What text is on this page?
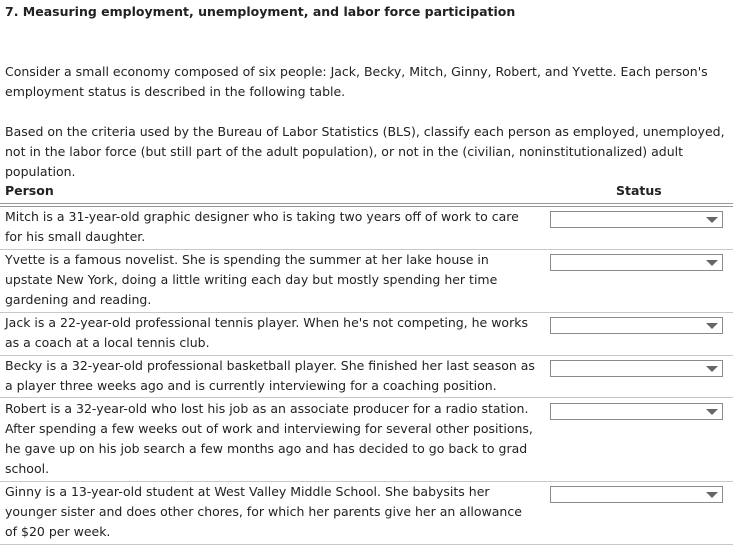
7. Measuring employment, unemployment, and labor force participation
Consider a small economy composed of six people: Jack, Becky, Mitch, Ginny, Robert, and Yvette. Each person's employment status is described in the following table.
Based on the criteria used by the Bureau of Labor Statistics (BLS), classify each person as employed, unemployed, not in the labor force (but still part of the adult population), or not in the (civilian, noninstitutionalized) adult population.
Person	Status
Mitch is a 31-year-old graphic designer who is taking two years off of work to care for his small daughter.
Yvette is a famous novelist. She is spending the summer at her lake house in upstate New York, doing a little writing each day but mostly spending her time gardening and reading.
Jack is a 22-year-old professional tennis player. When he's not competing, he works as a coach at a local tennis club.
Becky is a 32-year-old professional basketball player. She finished her last season as a player three weeks ago and is currently interviewing for a coaching position.
Robert is a 32-year-old who lost his job as an associate producer for a radio station. After spending a few weeks out of work and interviewing for several other positions, he gave up on his job search a few months ago and has decided to go back to grad school.
Ginny is a 13-year-old student at West Valley Middle School. She babysits her younger sister and does other chores, for which her parents give her an allowance of $20 per week.
